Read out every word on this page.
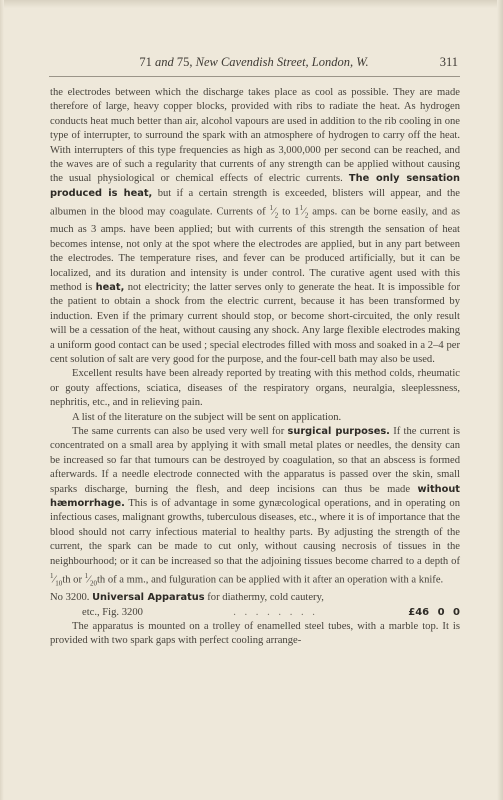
71 and 75, New Cavendish Street, London, W.	311

the electrodes between which the discharge takes place as cool as possible. They are made therefore of large, heavy copper blocks, provided with ribs to radiate the heat. As hydrogen conducts heat much better than air, alcohol vapours are used in addition to the rib cooling in one type of interrupter, to surround the spark with an atmosphere of hydrogen to carry off the heat. With interrupters of this type frequencies as high as 3,000,000 per second can be reached, and the waves are of such a regularity that currents of any strength can be applied without causing the usual physiological or chemical effects of electric currents. The only sensation produced is heat, but if a certain strength is exceeded, blisters will appear, and the albumen in the blood may coagulate. Currents of $^1⁄_2$ to $1^1⁄_2$ amps. can be borne easily, and as much as 3 amps. have been applied; but with currents of this strength the sensation of heat becomes intense, not only at the spot where the electrodes are applied, but in any part between the electrodes. The temperature rises, and fever can be produced artificially, but it can be localized, and its duration and intensity is under control. The curative agent used with this method is heat, not electricity; the latter serves only to generate the heat. It is impossible for the patient to obtain a shock from the electric current, because it has been transformed by induction. Even if the primary current should stop, or become short-circuited, the only result will be a cessation of the heat, without causing any shock. Any large flexible electrodes making a uniform good contact can be used ; special electrodes filled with moss and soaked in a 2–4 per cent solution of salt are very good for the purpose, and the four-cell bath may also be used.

Excellent results have been already reported by treating with this method colds, rheumatic or gouty affections, sciatica, diseases of the respiratory organs, neuralgia, sleeplessness, nephritis, etc., and in relieving pain.

A list of the literature on the subject will be sent on application.

The same currents can also be used very well for surgical purposes. If the current is concentrated on a small area by applying it with small metal plates or needles, the density can be increased so far that tumours can be destroyed by coagulation, so that an abscess is formed afterwards. If a needle electrode connected with the apparatus is passed over the skin, small sparks discharge, burning the flesh, and deep incisions can thus be made without hæmorrhage. This is of advantage in some gynæcological operations, and in operating on infectious cases, malignant growths, tuberculous diseases, etc., where it is of importance that the blood should not carry infectious material to healthy parts. By adjusting the strength of the current, the spark can be made to cut only, without causing necrosis of tissues in the neighbourhood; or it can be increased so that the adjoining tissues become charred to a depth of $^1⁄_{10}th$ or $^1⁄_{20}th$ of a mm., and fulguration can be applied with it after an operation with a knife.

No 3200. Universal Apparatus for diathermy, cold cautery,
etc., Fig. 3200	. . . . . . . .	£46 0 0

The apparatus is mounted on a trolley of enamelled steel tubes, with a marble top. It is provided with two spark gaps with perfect cooling arrange-
